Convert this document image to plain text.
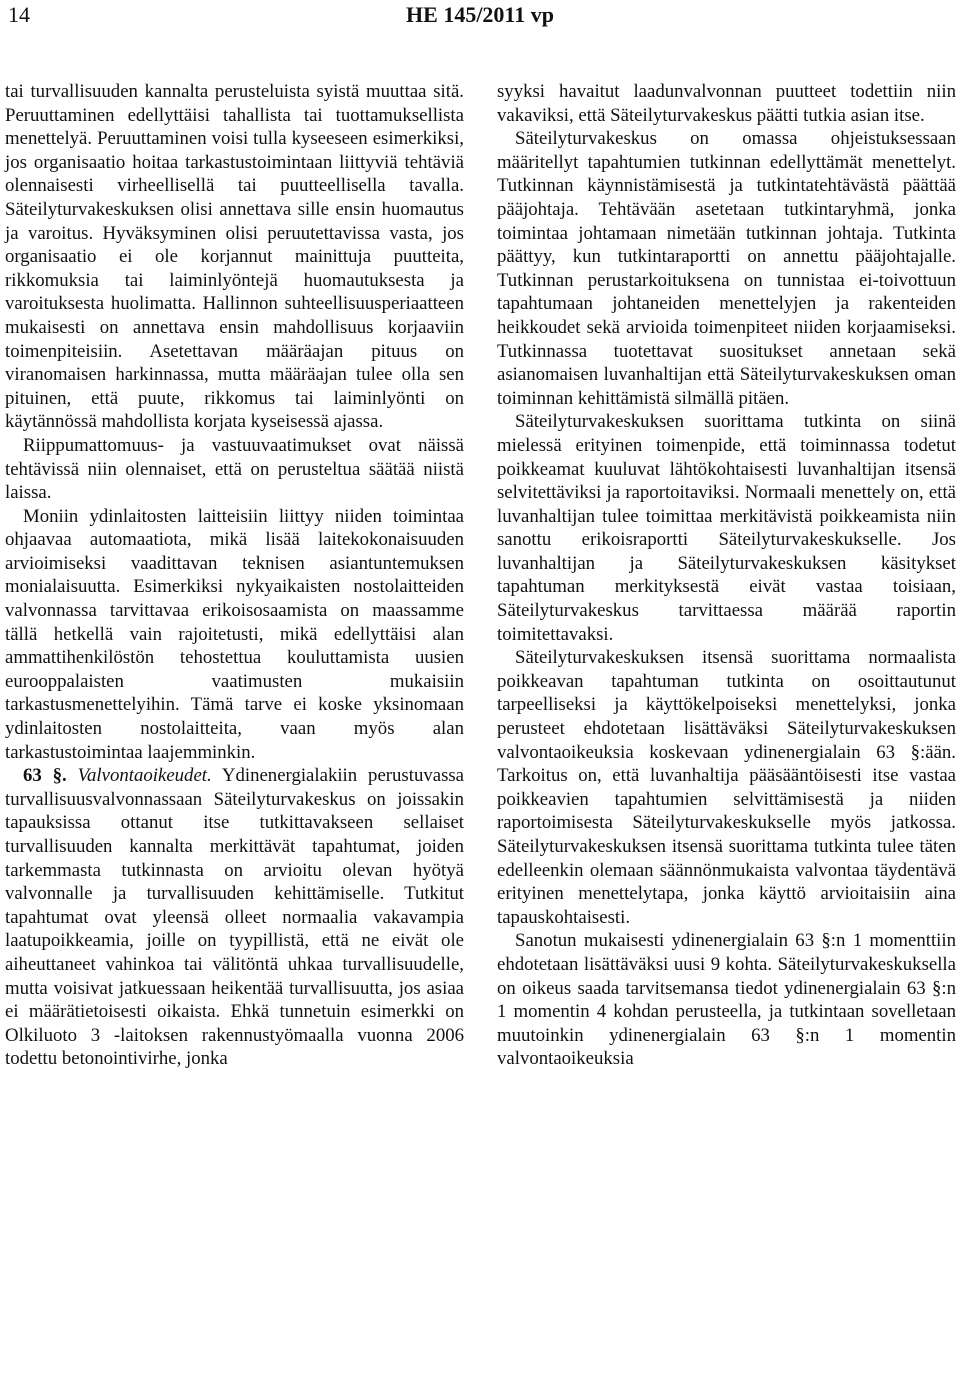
14	HE 145/2011 vp

tai turvallisuuden kannalta perusteluista syistä muuttaa sitä. Peruuttaminen edellyttäisi tahallista tai tuottamuksellista menettelyä. Peruuttaminen voisi tulla kyseeseen esimerkiksi, jos organisaatio hoitaa tarkastustoimintaan liittyviä tehtäviä olennaisesti virheellisellä tai puutteellisella tavalla. Säteilyturvakeskuksen olisi annettava sille ensin huomautus ja varoitus. Hyväksyminen olisi peruutettavissa vasta, jos organisaatio ei ole korjannut mainittuja puutteita, rikkomuksia tai laiminlyöntejä huomautuksesta ja varoituksesta huolimatta. Hallinnon suhteellisuusperiaatteen mukaisesti on annettava ensin mahdollisuus korjaaviin toimenpiteisiin. Asetettavan määräajan pituus on viranomaisen harkinnassa, mutta määräajan tulee olla sen pituinen, että puute, rikkomus tai laiminlyönti on käytännössä mahdollista korjata kyseisessä ajassa.

Riippumattomuus- ja vastuuvaatimukset ovat näissä tehtävissä niin olennaiset, että on perusteltua säätää niistä laissa.

Moniin ydinlaitosten laitteisiin liittyy niiden toimintaa ohjaavaa automaatiota, mikä lisää laitekokonaisuuden arvioimiseksi vaadittavan teknisen asiantuntemuksen monialaisuutta. Esimerkiksi nykyaikaisten nostolaitteiden valvonnassa tarvittavaa erikoisosaamista on maassamme tällä hetkellä vain rajoitetusti, mikä edellyttäisi alan ammattihenkilöstön tehostettua kouluttamista uusien eurooppalaisten vaatimusten mukaisiin tarkastusmenettelyihin. Tämä tarve ei koske yksinomaan ydinlaitosten nostolaitteita, vaan myös alan tarkastustoimintaa laajemminkin.

63 §. Valvontaoikeudet. Ydinenergialakiin perustuvassa turvallisuusvalvonnassaan Säteilyturvakeskus on joissakin tapauksissa ottanut itse tutkittavakseen sellaiset turvallisuuden kannalta merkittävät tapahtumat, joiden tarkemmasta tutkinnasta on arvioitu olevan hyötyä valvonnalle ja turvallisuuden kehittämiselle. Tutkitut tapahtumat ovat yleensä olleet normaalia vakavampia laatupoikkeamia, joille on tyypillistä, että ne eivät ole aiheuttaneet vahinkoa tai välitöntä uhkaa turvallisuudelle, mutta voisivat jatkuessaan heikentää turvallisuutta, jos asiaa ei määrätietoisesti oikaista. Ehkä tunnetuin esimerkki on Olkiluoto 3 -laitoksen rakennustyömaalla vuonna 2006 todettu betonointivirhe, jonka

syyksi havaitut laadunvalvonnan puutteet todettiin niin vakaviksi, että Säteilyturvakeskus päätti tutkia asian itse.

Säteilyturvakeskus on omassa ohjeistuksessaan määritellyt tapahtumien tutkinnan edellyttämät menettelyt. Tutkinnan käynnistämisestä ja tutkintatehtävästä päättää pääjohtaja. Tehtävään asetetaan tutkintaryhmä, jonka toimintaa johtamaan nimetään tutkinnan johtaja. Tutkinta päättyy, kun tutkintaraportti on annettu pääjohtajalle. Tutkinnan perustarkoituksena on tunnistaa ei-toivottuun tapahtumaan johtaneiden menettelyjen ja rakenteiden heikkoudet sekä arvioida toimenpiteet niiden korjaamiseksi. Tutkinnassa tuotettavat suositukset annetaan sekä asianomaisen luvanhaltijan että Säteilyturvakeskuksen oman toiminnan kehittämistä silmällä pitäen.

Säteilyturvakeskuksen suorittama tutkinta on siinä mielessä erityinen toimenpide, että toiminnassa todetut poikkeamat kuuluvat lähtökohtaisesti luvanhaltijan itsensä selvitettäviksi ja raportoitaviksi. Normaali menettely on, että luvanhaltijan tulee toimittaa merkitävistä poikkeamista niin sanottu erikoisraportti Säteilyturvakeskukselle. Jos luvanhaltijan ja Säteilyturvakeskuksen käsitykset tapahtuman merkityksestä eivät vastaa toisiaan, Säteilyturvakeskus tarvittaessa määrää raportin toimitettavaksi.

Säteilyturvakeskuksen itsensä suorittama normaalista poikkeavan tapahtuman tutkinta on osoittautunut tarpeelliseksi ja käyttökelpoiseksi menettelyksi, jonka perusteet ehdotetaan lisättäväksi Säteilyturvakeskuksen valvontaoikeuksia koskevaan ydinenergialain 63 §:ään. Tarkoitus on, että luvanhaltija pääsääntöisesti itse vastaa poikkeavien tapahtumien selvittämisestä ja niiden raportoimisesta Säteilyturvakeskukselle myös jatkossa. Säteilyturvakeskuksen itsensä suorittama tutkinta tulee täten edelleenkin olemaan säännönmukaista valvontaa täydentävä erityinen menettelytapa, jonka käyttö arvioitaisiin aina tapauskohtaisesti.

Sanotun mukaisesti ydinenergialain 63 §:n 1 momenttiin ehdotetaan lisättäväksi uusi 9 kohta. Säteilyturvakeskuksella on oikeus saada tarvitsemansa tiedot ydinenergialain 63 §:n 1 momentin 4 kohdan perusteella, ja tutkintaan sovelletaan muutoinkin ydinenergialain 63 §:n 1 momentin valvontaoikeuksia
